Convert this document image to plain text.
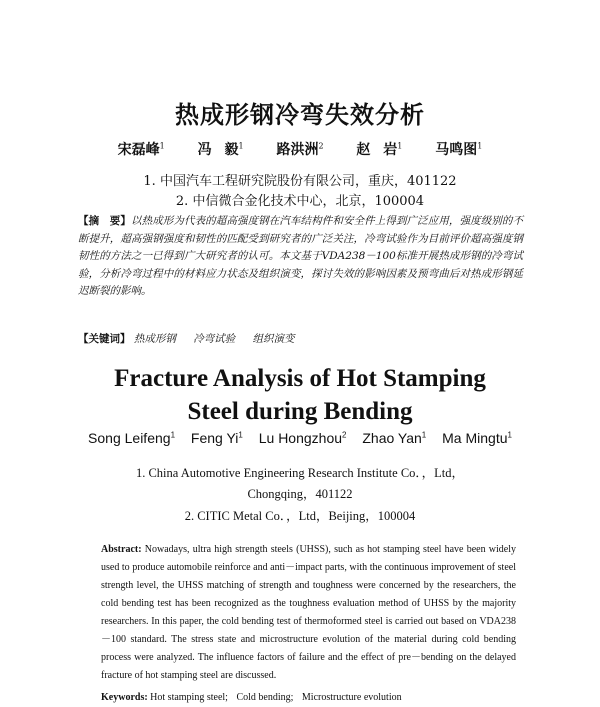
热成形钢冷弯失效分析
宋磊峰$^1$ 冯 毅$^1$ 路洪洲$^2$ 赵 岩$^1$ 马鸣图$^1$
1. 中国汽车工程研究院股份有限公司，重庆，401122
2. 中信微合金化技术中心，北京，100004
【摘　要】以热成形为代表的超高强度钢在汽车结构件和安全件上得到广泛应用，强度级别的不断提升，超高强钢强度和韧性的匹配受到研究者的广泛关注，冷弯试验作为目前评价超高强度钢韧性的方法之一已得到广大研究者的认可。本文基于VDA238－100标准开展热成形钢的冷弯试验，分析冷弯过程中的材料应力状态及组织演变，探讨失效的影响因素及预弯曲后对热成形钢延迟断裂的影响。
【关键词】 热成形钢 冷弯试验 组织演变
Fracture Analysis of Hot Stamping
Steel during Bending
Song Leifeng$^1$ Feng Yi$^1$ Lu Hongzhou$^2$ Zhao Yan$^1$ Ma Mingtu$^1$
1. China Automotive Engineering Research Institute Co．，Ltd，
Chongqing，401122
2. CITIC Metal Co．，Ltd，Beijing，100004
Abstract: Nowadays, ultra high strength steels (UHSS), such as hot stamping steel have been widely used to produce automobile reinforce and anti－impact parts, with the continuous improvement of steel strength level, the UHSS matching of strength and toughness were concerned by the researchers, the cold bending test has been recognized as the toughness evaluation method of UHSS by the majority researchers. In this paper, the cold bending test of thermoformed steel is carried out based on VDA238－100 standard. The stress state and microstructure evolution of the material during cold bending process were analyzed. The influence factors of failure and the effect of pre－bending on the delayed fracture of hot stamping steel are discussed.
Keywords: Hot stamping steel; Cold bending; Microstructure evolution
